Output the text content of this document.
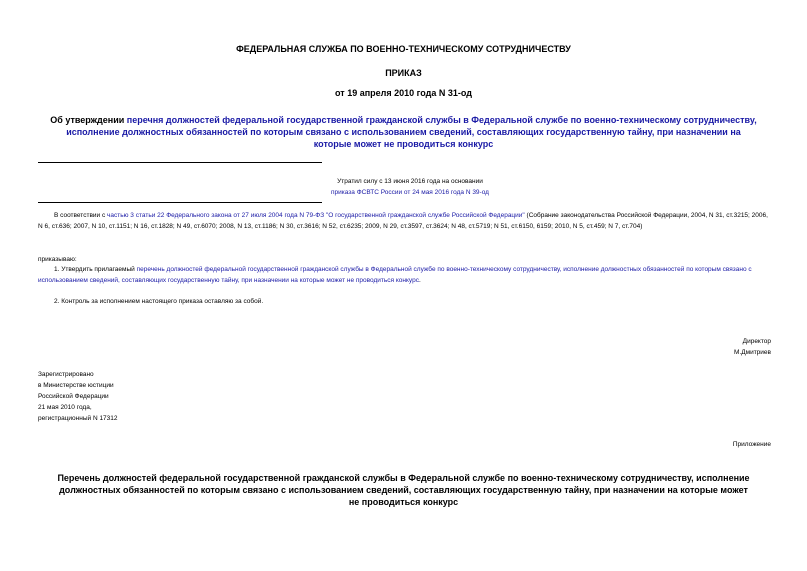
ФЕДЕРАЛЬНАЯ СЛУЖБА ПО ВОЕННО-ТЕХНИЧЕСКОМУ СОТРУДНИЧЕСТВУ
ПРИКАЗ
от 19 апреля 2010 года N 31-од
Об утверждении перечня должностей федеральной государственной гражданской службы в Федеральной службе по военно-техническому сотрудничеству, исполнение должностных обязанностей по которым связано с использованием сведений, составляющих государственную тайну, при назначении на которые может не проводиться конкурс
Утратил силу с 13 июня 2016 года на основании
приказа ФСВТС России от 24 мая 2016 года N 39-од
В соответствии с частью 3 статьи 22 Федерального закона от 27 июля 2004 года N 79-ФЗ "О государственной гражданской службе Российской Федерации" (Собрание законодательства Российской Федерации, 2004, N 31, ст.3215; 2006, N 6, ст.636; 2007, N 10, ст.1151; N 16, ст.1828; N 49, ст.6070; 2008, N 13, ст.1186; N 30, ст.3616; N 52, ст.6235; 2009, N 29, ст.3597, ст.3624; N 48, ст.5719; N 51, ст.6150, 6159; 2010, N 5, ст.459; N 7, ст.704)
приказываю:
1. Утвердить прилагаемый перечень должностей федеральной государственной гражданской службы в Федеральной службе по военно-техническому сотрудничеству, исполнение должностных обязанностей по которым связано с использованием сведений, составляющих государственную тайну, при назначении на которые может не проводиться конкурс.
2. Контроль за исполнением настоящего приказа оставляю за собой.
Директор
М.Дмитриев
Зарегистрировано
в Министерстве юстиции
Российской Федерации
21 мая 2010 года,
регистрационный N 17312
Приложение
Перечень должностей федеральной государственной гражданской службы в Федеральной службе по военно-техническому сотрудничеству, исполнение должностных обязанностей по которым связано с использованием сведений, составляющих государственную тайну, при назначении на которые может не проводиться конкурс
